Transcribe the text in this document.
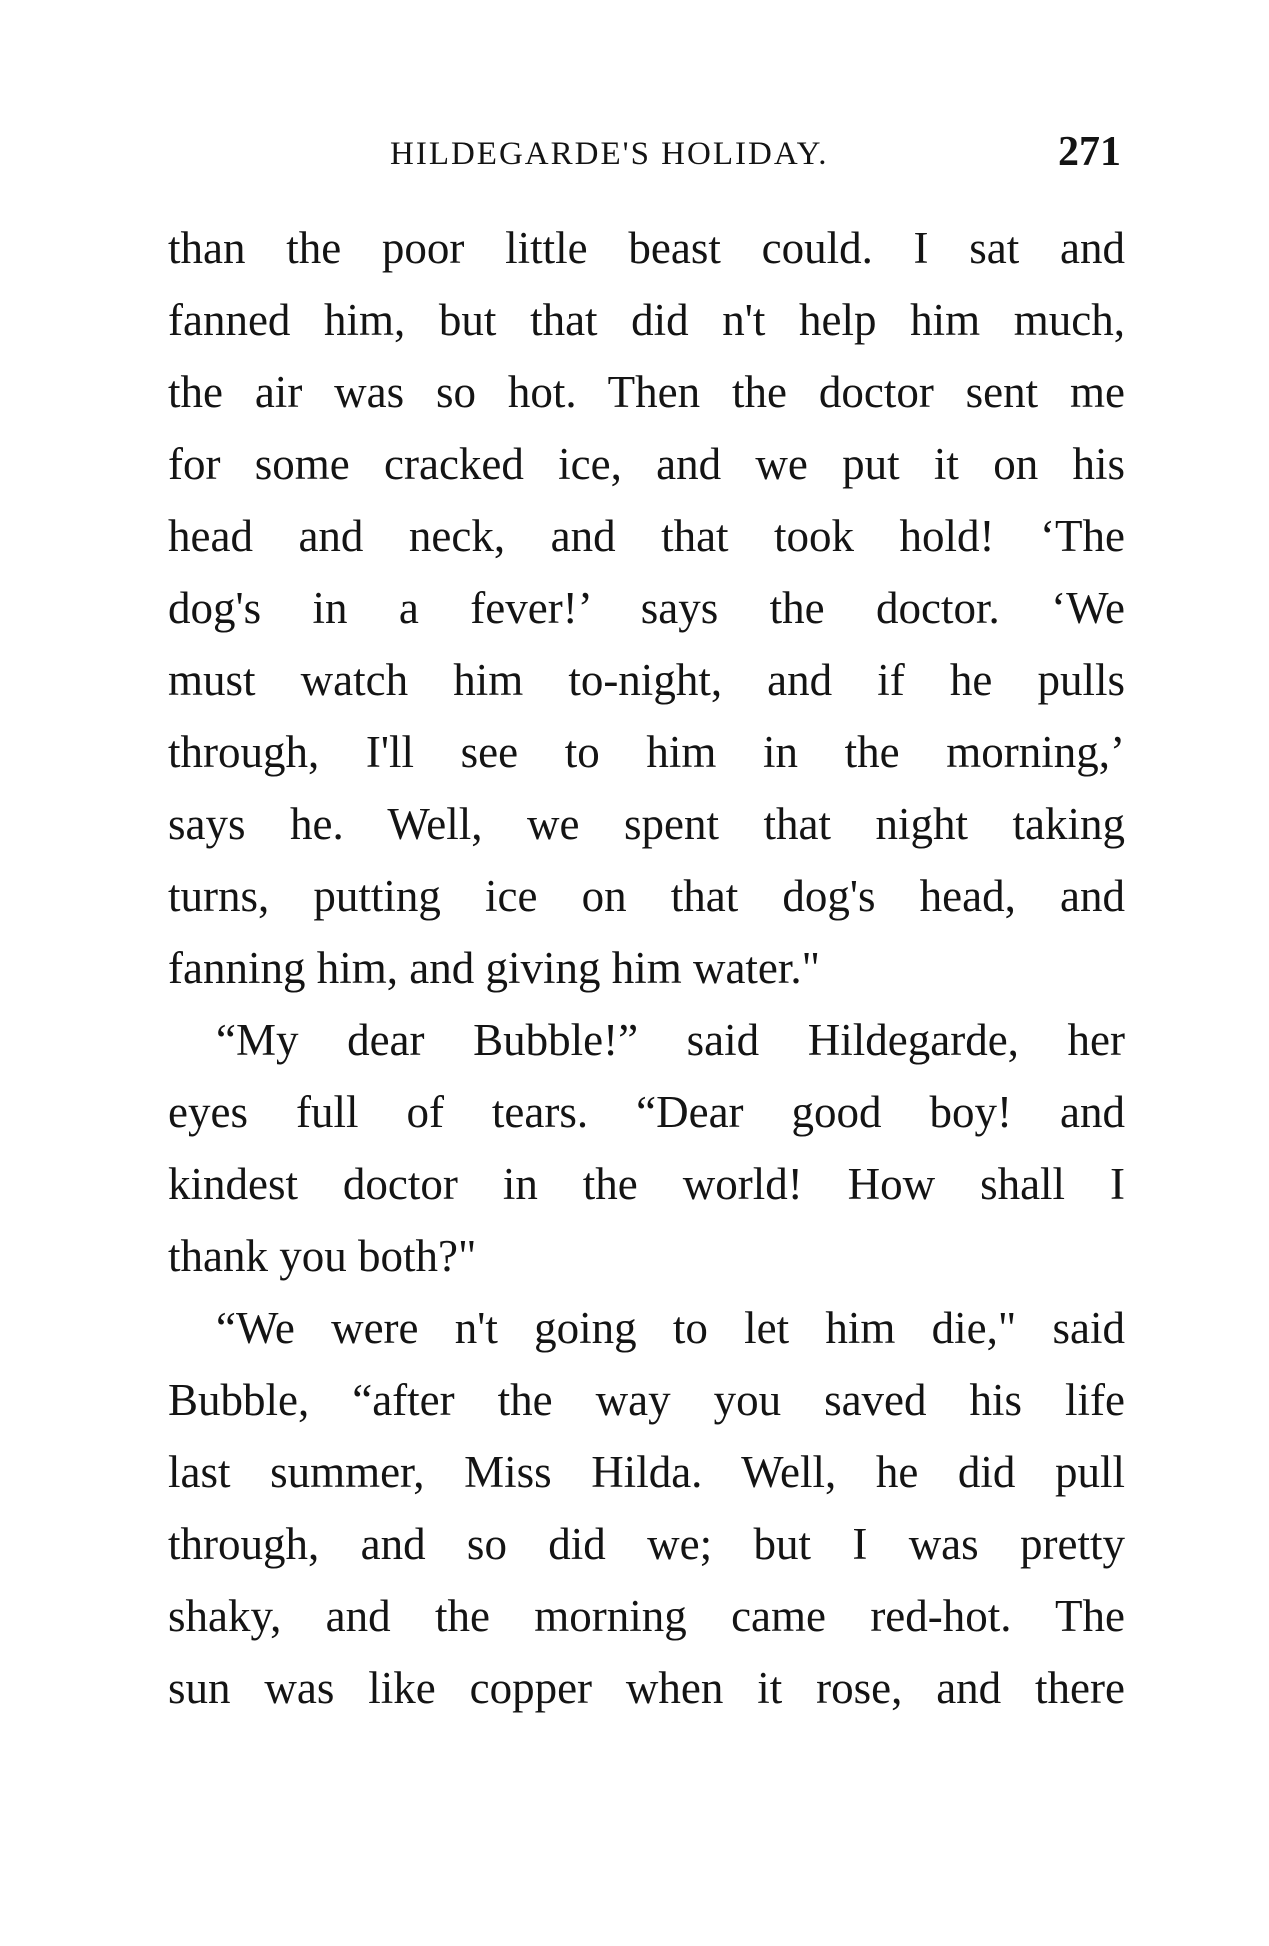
HILDEGARDE'S HOLIDAY.	271
than the poor little beast could. I sat and
fanned him, but that did n't help him much,
the air was so hot. Then the doctor sent me
for some cracked ice, and we put it on his
head and neck, and that took hold! ‘The
dog's in a fever!’ says the doctor. ‘We
must watch him to-night, and if he pulls
through, I'll see to him in the morning,’
says he. Well, we spent that night taking
turns, putting ice on that dog's head, and
fanning him, and giving him water."
“My dear Bubble!” said Hildegarde, her
eyes full of tears. “Dear good boy! and
kindest doctor in the world! How shall I
thank you both?"
“We were n't going to let him die," said
Bubble, “after the way you saved his life
last summer, Miss Hilda. Well, he did pull
through, and so did we; but I was pretty
shaky, and the morning came red-hot. The
sun was like copper when it rose, and there
